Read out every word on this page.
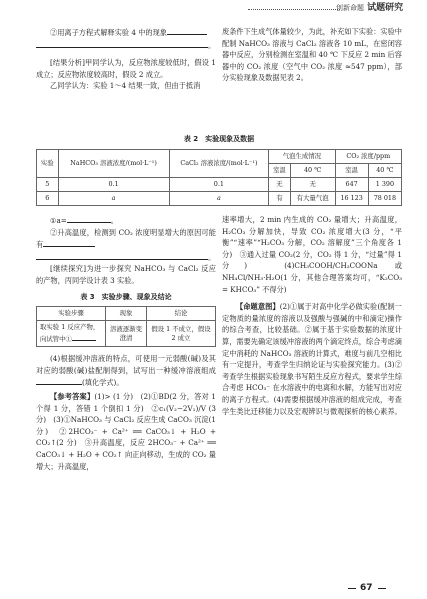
创新命题 试题研究

②用离子方程式解释实验 4 中的现象

。

[结果分析]甲同学认为，反应物浓度较低时，假设 1 成立；反应物浓度较高时，假设 2 成立。

乙同学认为：实验 1～4 结果一致，但由于抵消

废条件下生成气体量较少，为此，补充如下实验：实验中配制 NaHCO₃ 溶液与 CaCl₂ 溶液各 10 mL，在密闭容器中反应，分别检测在室温和 40 ℃ 下反应 2 min 后容器中的 CO₂ 浓度（空气中 CO₂ 浓度 ≈547 ppm），部分实验现象及数据见表 2。

表 2　实验现象及数据
实验	NaHCO₃ 溶液浓度/(mol·L⁻¹)	CaCl₂ 溶液浓度/(mol·L⁻¹)	气泡生成情况		CO₂ 浓度/ppm	
			室温	40 ℃	室温	40 ℃
5	0.1	0.1	无	无	647	1 390
6	a	a	有	有大量气泡	16 123	78 018

①a=	。

②升高温度，检测到 CO₂ 浓度明显增大的原因可能有

。

[继续探究]为进一步探究 NaHCO₃ 与 CaCl₂ 反应的产物，丙同学设计表 3 实验。

表 3　实验步骤、现象及结论
实验步骤	现象	结论
取实验 1 反应产物，向试管中①	溶液逐渐变澄清	假设 1 不成立，假设 2 成立

(4)根据缓冲溶液的特点，可使用一元弱酸(碱)及其对应的弱酸(碱)盐配制得到，试写出一种缓冲溶液组成(填化学式)。

【参考答案】(1)> (1 分)　(2)①BD(2 分，答对 1 个得 1 分，答错 1 个倒扣 1 分)　②c₁(V₂−2V₁)/V (3 分)　(3)①NaHCO₃ 与 CaCl₂ 反应生成 CaCO₃ 沉淀(1 分)　②2HCO₃⁻ + Ca²⁺ ══ CaCO₃↓ + H₂O + CO₂↑(2 分)　③升高温度，反应 2HCO₃⁻ + Ca²⁺ ══ CaCO₃↓ + H₂O + CO₂↑ 向正向移动，生成的 CO₂ 量增大；升高温度，

速率增大，2 min 内生成的 CO₂ 量增大；升高温度，H₂CO₃ 分解加快，导致 CO₂ 浓度增大(3 分，“平衡”“速率”“H₂CO₃ 分解，CO₂ 溶解度”三个角度各 1 分)　③通入过量 CO₂(2 分，CO₂ 得 1 分，“过量”得 1 分)　(4)CH₃COOH/CH₃COONa 或 NH₄Cl/NH₃·H₂O(1 分，其他合理答案均可，“K₂CO₃ = KHCO₃” 不得分)

【命题意图】(2)①属于对高中化学必做实验(配制一定物质的量浓度的溶液以及强酸与强碱的中和滴定)操作的综合考查，比较基础。②属于基于实验数据的浓度计算，需要先确定该缓冲溶液的两个滴定终点，综合考虑滴定中消耗的 NaHCO₃ 溶液的计算式，难度与前几空相比有一定提升，考查学生归纳论证与实验探究能力。(3)②考查学生根据实验现象书写陌生反应方程式，要求学生综合考虑 HCO₃⁻ 在水溶液中的电离和水解，方能写出对应的离子方程式。(4)需要根据缓冲溶液的组成完成，考查学生类比迁移能力以及宏观辨识与微观探析的核心素养。

67
